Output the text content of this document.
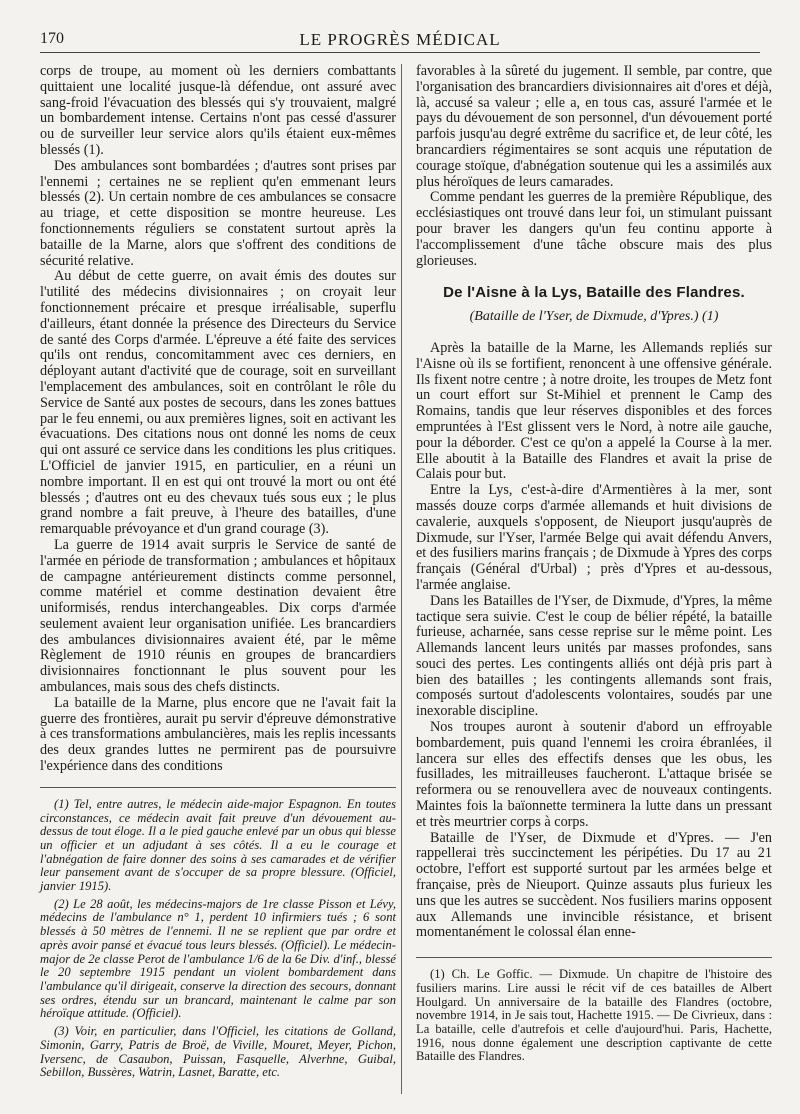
170	LE PROGRÈS MÉDICAL

corps de troupe, au moment où les derniers combattants quittaient une localité jusque-là défendue, ont assuré avec sang-froid l'évacuation des blessés qui s'y trouvaient, malgré un bombardement intense. Certains n'ont pas cessé d'assurer ou de surveiller leur service alors qu'ils étaient eux-mêmes blessés (1).

Des ambulances sont bombardées ; d'autres sont prises par l'ennemi ; certaines ne se replient qu'en emmenant leurs blessés (2). Un certain nombre de ces ambulances se consacre au triage, et cette disposition se montre heureuse. Les fonctionnements réguliers se constatent surtout après la bataille de la Marne, alors que s'offrent des conditions de sécurité relative.

Au début de cette guerre, on avait émis des doutes sur l'utilité des médecins divisionnaires ; on croyait leur fonctionnement précaire et presque irréalisable, superflu d'ailleurs, étant donnée la présence des Directeurs du Service de santé des Corps d'armée. L'épreuve a été faite des services qu'ils ont rendus, concomitamment avec ces derniers, en déployant autant d'activité que de courage, soit en surveillant l'emplacement des ambulances, soit en contrôlant le rôle du Service de Santé aux postes de secours, dans les zones battues par le feu ennemi, ou aux premières lignes, soit en activant les évacuations. Des citations nous ont donné les noms de ceux qui ont assuré ce service dans les conditions les plus critiques. L'Officiel de janvier 1915, en particulier, en a réuni un nombre important. Il en est qui ont trouvé la mort ou ont été blessés ; d'autres ont eu des chevaux tués sous eux ; le plus grand nombre a fait preuve, à l'heure des batailles, d'une remarquable prévoyance et d'un grand courage (3).

La guerre de 1914 avait surpris le Service de santé de l'armée en période de transformation ; ambulances et hôpitaux de campagne antérieurement distincts comme personnel, comme matériel et comme destination devaient être uniformisés, rendus interchangeables. Dix corps d'armée seulement avaient leur organisation unifiée. Les brancardiers des ambulances divisionnaires avaient été, par le même Règlement de 1910 réunis en groupes de brancardiers divisionnaires fonctionnant le plus souvent pour les ambulances, mais sous des chefs distincts.

La bataille de la Marne, plus encore que ne l'avait fait la guerre des frontières, aurait pu servir d'épreuve démonstrative à ces transformations ambulancières, mais les replis incessants des deux grandes luttes ne permirent pas de poursuivre l'expérience dans des conditions

(1) Tel, entre autres, le médecin aide-major Espagnon. En toutes circonstances, ce médecin avait fait preuve d'un dévouement au-dessus de tout éloge. Il a le pied gauche enlevé par un obus qui blesse un officier et un adjudant à ses côtés. Il a eu le courage et l'abnégation de faire donner des soins à ses camarades et de vérifier leur pansement avant de s'occuper de sa propre blessure. (Officiel, janvier 1915).

(2) Le 28 août, les médecins-majors de 1re classe Pisson et Lévy, médecins de l'ambulance n° 1, perdent 10 infirmiers tués ; 6 sont blessés à 50 mètres de l'ennemi. Il ne se replient que par ordre et après avoir pansé et évacué tous leurs blessés. (Officiel). Le médecin-major de 2e classe Perot de l'ambulance 1/6 de la 6e Div. d'inf., blessé le 20 septembre 1915 pendant un violent bombardement dans l'ambulance qu'il dirigeait, conserve la direction des secours, donnant ses ordres, étendu sur un brancard, maintenant le calme par son héroïque attitude. (Officiel).

(3) Voir, en particulier, dans l'Officiel, les citations de Golland, Simonin, Garry, Patris de Broë, de Viville, Mouret, Meyer, Pichon, Iversenc, de Casaubon, Puissan, Fasquelle, Alverhne, Guibal, Sebillon, Bussères, Watrin, Lasnet, Baratte, etc.

favorables à la sûreté du jugement. Il semble, par contre, que l'organisation des brancardiers divisionnaires ait d'ores et déjà, là, accusé sa valeur ; elle a, en tous cas, assuré l'armée et le pays du dévouement de son personnel, d'un dévouement porté parfois jusqu'au degré extrême du sacrifice et, de leur côté, les brancardiers régimentaires se sont acquis une réputation de courage stoïque, d'abnégation soutenue qui les a assimilés aux plus héroïques de leurs camarades.

Comme pendant les guerres de la première République, des ecclésiastiques ont trouvé dans leur foi, un stimulant puissant pour braver les dangers qu'un feu continu apporte à l'accomplissement d'une tâche obscure mais des plus glorieuses.

De l'Aisne à la Lys, Bataille des Flandres.
(Bataille de l'Yser, de Dixmude, d'Ypres.) (1)

Après la bataille de la Marne, les Allemands repliés sur l'Aisne où ils se fortifient, renoncent à une offensive générale. Ils fixent notre centre ; à notre droite, les troupes de Metz font un court effort sur St-Mihiel et prennent le Camp des Romains, tandis que leur réserves disponibles et des forces empruntées à l'Est glissent vers le Nord, à notre aile gauche, pour la déborder. C'est ce qu'on a appelé la Course à la mer. Elle aboutit à la Bataille des Flandres et avait la prise de Calais pour but.

Entre la Lys, c'est-à-dire d'Armentières à la mer, sont massés douze corps d'armée allemands et huit divisions de cavalerie, auxquels s'opposent, de Nieuport jusqu'auprès de Dixmude, sur l'Yser, l'armée Belge qui avait défendu Anvers, et des fusiliers marins français ; de Dixmude à Ypres des corps français (Général d'Urbal) ; près d'Ypres et au-dessous, l'armée anglaise.

Dans les Batailles de l'Yser, de Dixmude, d'Ypres, la même tactique sera suivie. C'est le coup de bélier répété, la bataille furieuse, acharnée, sans cesse reprise sur le même point. Les Allemands lancent leurs unités par masses profondes, sans souci des pertes. Les contingents alliés ont déjà pris part à bien des batailles ; les contingents allemands sont frais, composés surtout d'adolescents volontaires, soudés par une inexorable discipline.

Nos troupes auront à soutenir d'abord un effroyable bombardement, puis quand l'ennemi les croira ébranlées, il lancera sur elles des effectifs denses que les obus, les fusillades, les mitrailleuses faucheront. L'attaque brisée se reformera ou se renouvellera avec de nouveaux contingents. Maintes fois la baïonnette terminera la lutte dans un pressant et très meurtrier corps à corps.

Bataille de l'Yser, de Dixmude et d'Ypres. — J'en rappellerai très succinctement les péripéties. Du 17 au 21 octobre, l'effort est supporté surtout par les armées belge et française, près de Nieuport. Quinze assauts plus furieux les uns que les autres se succèdent. Nos fusiliers marins opposent aux Allemands une invincible résistance, et brisent momentanément le colossal élan enne-

(1) Ch. Le Goffic. — Dixmude. Un chapitre de l'histoire des fusiliers marins. Lire aussi le récit vif de ces batailles de Albert Houlgard. Un anniversaire de la bataille des Flandres (octobre, novembre 1914, in Je sais tout, Hachette 1915. — De Civrieux, dans : La bataille, celle d'autrefois et celle d'aujourd'hui. Paris, Hachette, 1916, nous donne également une description captivante de cette Bataille des Flandres.
